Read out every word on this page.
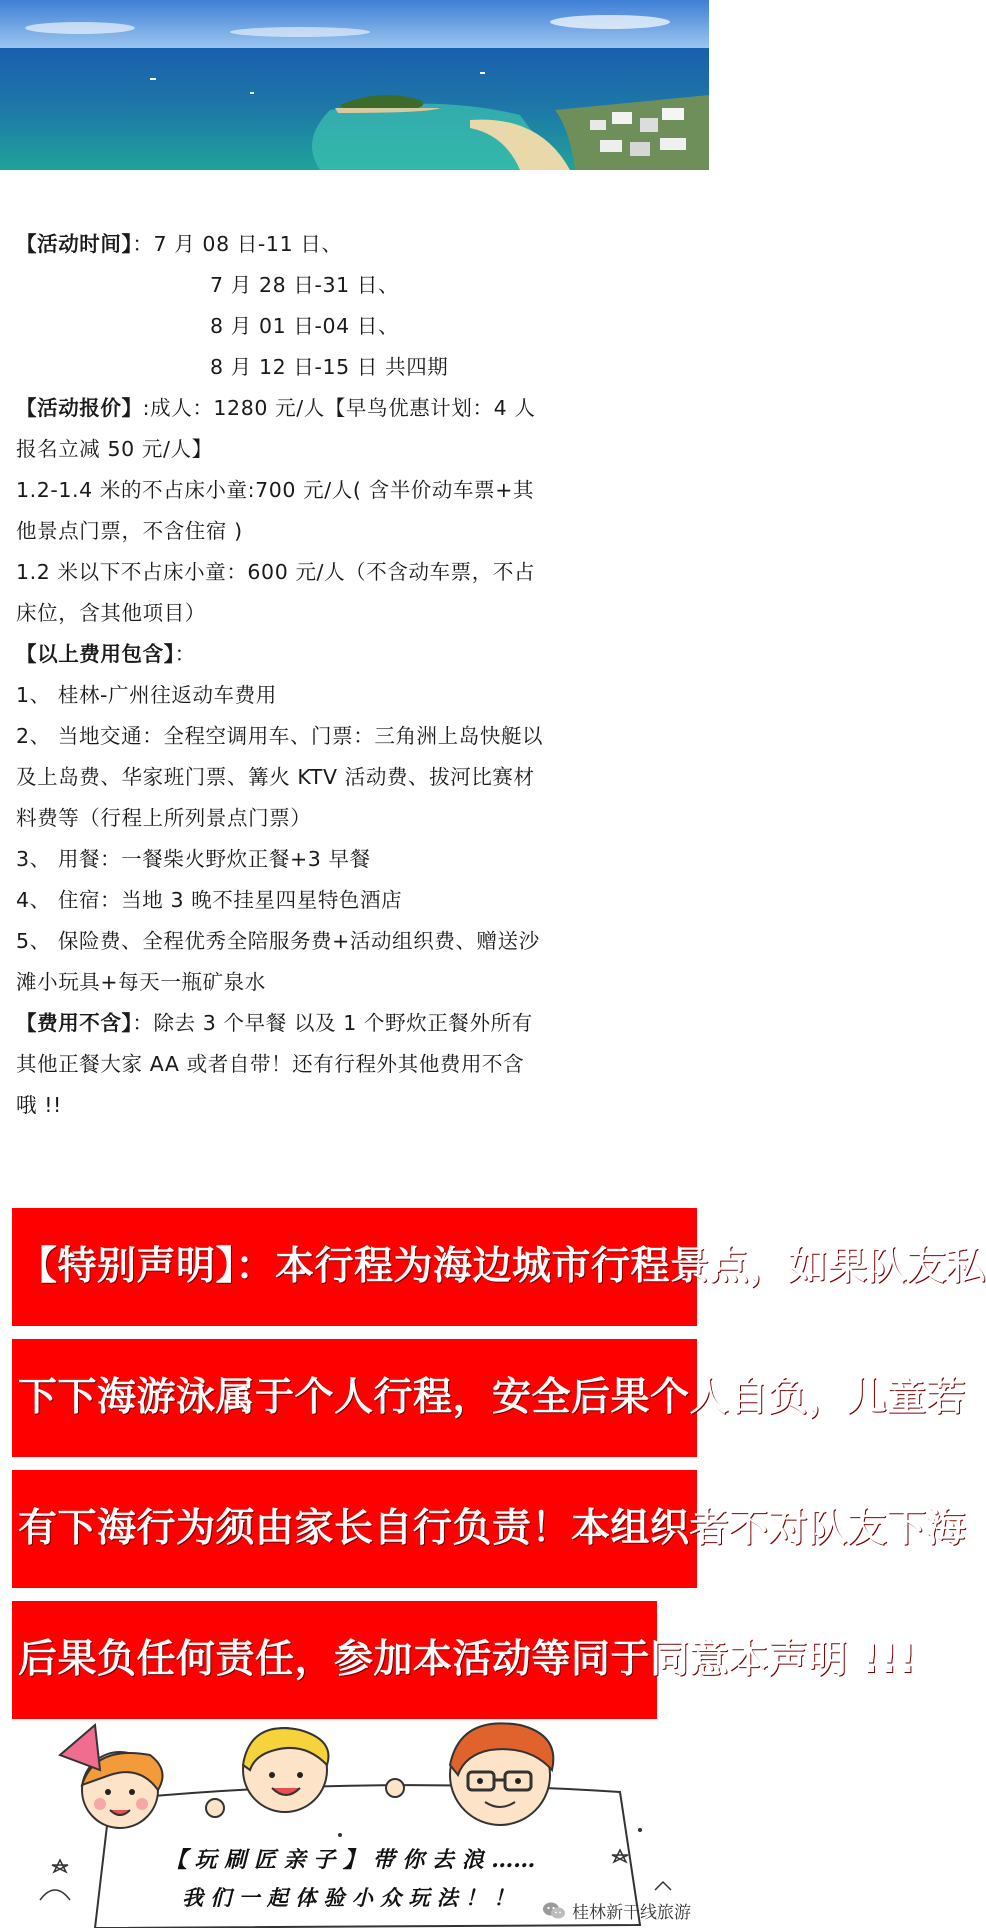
【活动时间】：7 月 08 日-11 日、
7 月 28 日-31 日、
8 月 01 日-04 日、
8 月 12 日-15 日 共四期
【活动报价】:成人：1280 元/人【早鸟优惠计划：4 人
报名立减 50 元/人】
1.2-1.4 米的不占床小童:700 元/人( 含半价动车票+其
他景点门票，不含住宿 )
1.2 米以下不占床小童：600 元/人（不含动车票，不占
床位，含其他项目）
【以上费用包含】：
1、 桂林-广州往返动车费用
2、 当地交通：全程空调用车、门票：三角洲上岛快艇以
及上岛费、华家班门票、篝火 KTV 活动费、拔河比赛材
料费等（行程上所列景点门票）
3、 用餐：一餐柴火野炊正餐+3 早餐
4、 住宿：当地 3 晚不挂星四星特色酒店
5、 保险费、全程优秀全陪服务费+活动组织费、赠送沙
滩小玩具+每天一瓶矿泉水
【费用不含】：除去 3 个早餐 以及 1 个野炊正餐外所有
其他正餐大家 AA 或者自带！还有行程外其他费用不含
哦 !!
【特别声明】：本行程为海边城市行程景点，如果队友私
下下海游泳属于个人行程，安全后果个人自负，儿童若
有下海行为须由家长自行负责！本组织者不对队友下海
后果负任何责任，参加本活动等同于同意本声明 !!!
【 玩 刷 匠 亲 子 】 带 你 去 浪 ……
我 们 一 起 体 验 小 众 玩 法 ！ ！
桂林新干线旅游
